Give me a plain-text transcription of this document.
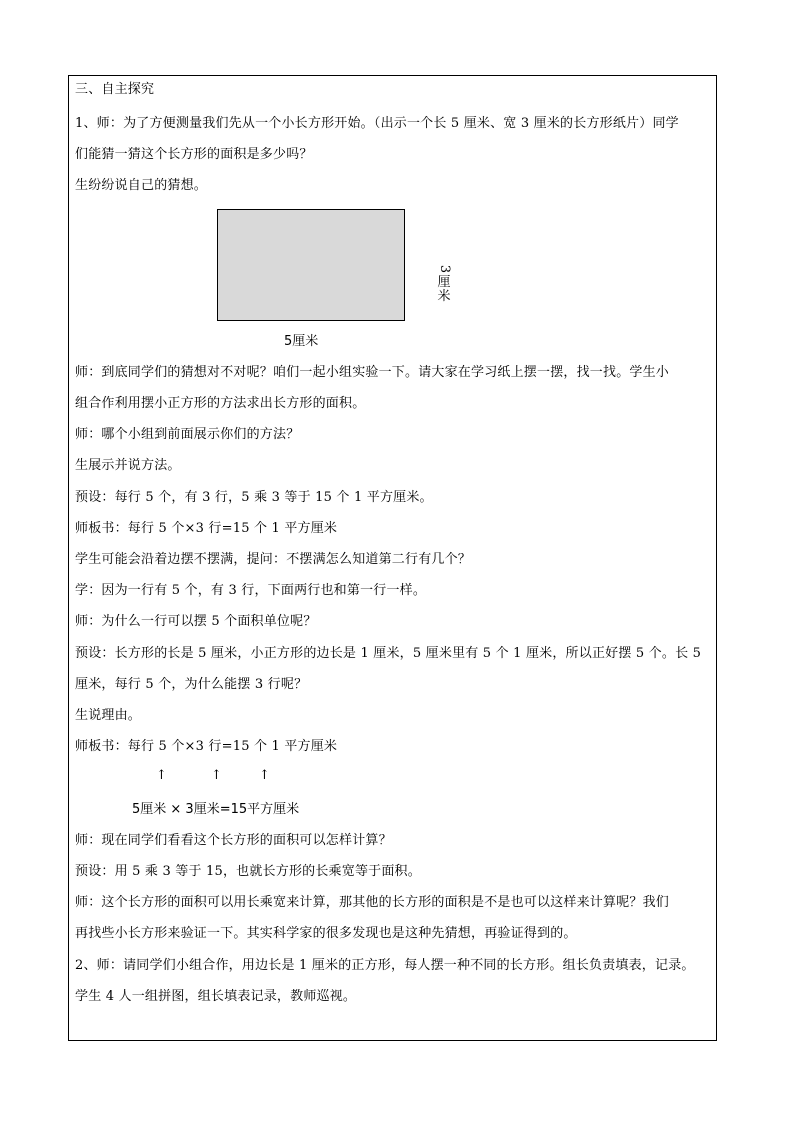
三、自主探究
1、师：为了方便测量我们先从一个小长方形开始。（出示一个长 5 厘米、宽 3 厘米的长方形纸片）同学
们能猜一猜这个长方形的面积是多少吗？
生纷纷说自己的猜想。
3
厘
米
5厘米
师：到底同学们的猜想对不对呢？咱们一起小组实验一下。请大家在学习纸上摆一摆，找一找。学生小
组合作利用摆小正方形的方法求出长方形的面积。
师：哪个小组到前面展示你们的方法？
生展示并说方法。
预设：每行 5 个，有 3 行，5 乘 3 等于 15 个 1 平方厘米。
师板书：每行 5 个×3 行=15 个 1 平方厘米
学生可能会沿着边摆不摆满，提问：不摆满怎么知道第二行有几个？
学：因为一行有 5 个，有 3 行，下面两行也和第一行一样。
师：为什么一行可以摆 5 个面积单位呢？
预设：长方形的长是 5 厘米，小正方形的边长是 1 厘米，5 厘米里有 5 个 1 厘米，所以正好摆 5 个。长 5
厘米，每行 5 个，为什么能摆 3 行呢？
生说理由。
师板书：每行 5 个×3 行=15 个 1 平方厘米
↑	↑	↑
5厘米 × 3厘米=15平方厘米
师：现在同学们看看这个长方形的面积可以怎样计算？
预设：用 5 乘 3 等于 15，也就长方形的长乘宽等于面积。
师：这个长方形的面积可以用长乘宽来计算，那其他的长方形的面积是不是也可以这样来计算呢？我们
再找些小长方形来验证一下。其实科学家的很多发现也是这种先猜想，再验证得到的。
2、师：请同学们小组合作，用边长是 1 厘米的正方形，每人摆一种不同的长方形。组长负责填表，记录。
学生 4 人一组拼图，组长填表记录，教师巡视。
